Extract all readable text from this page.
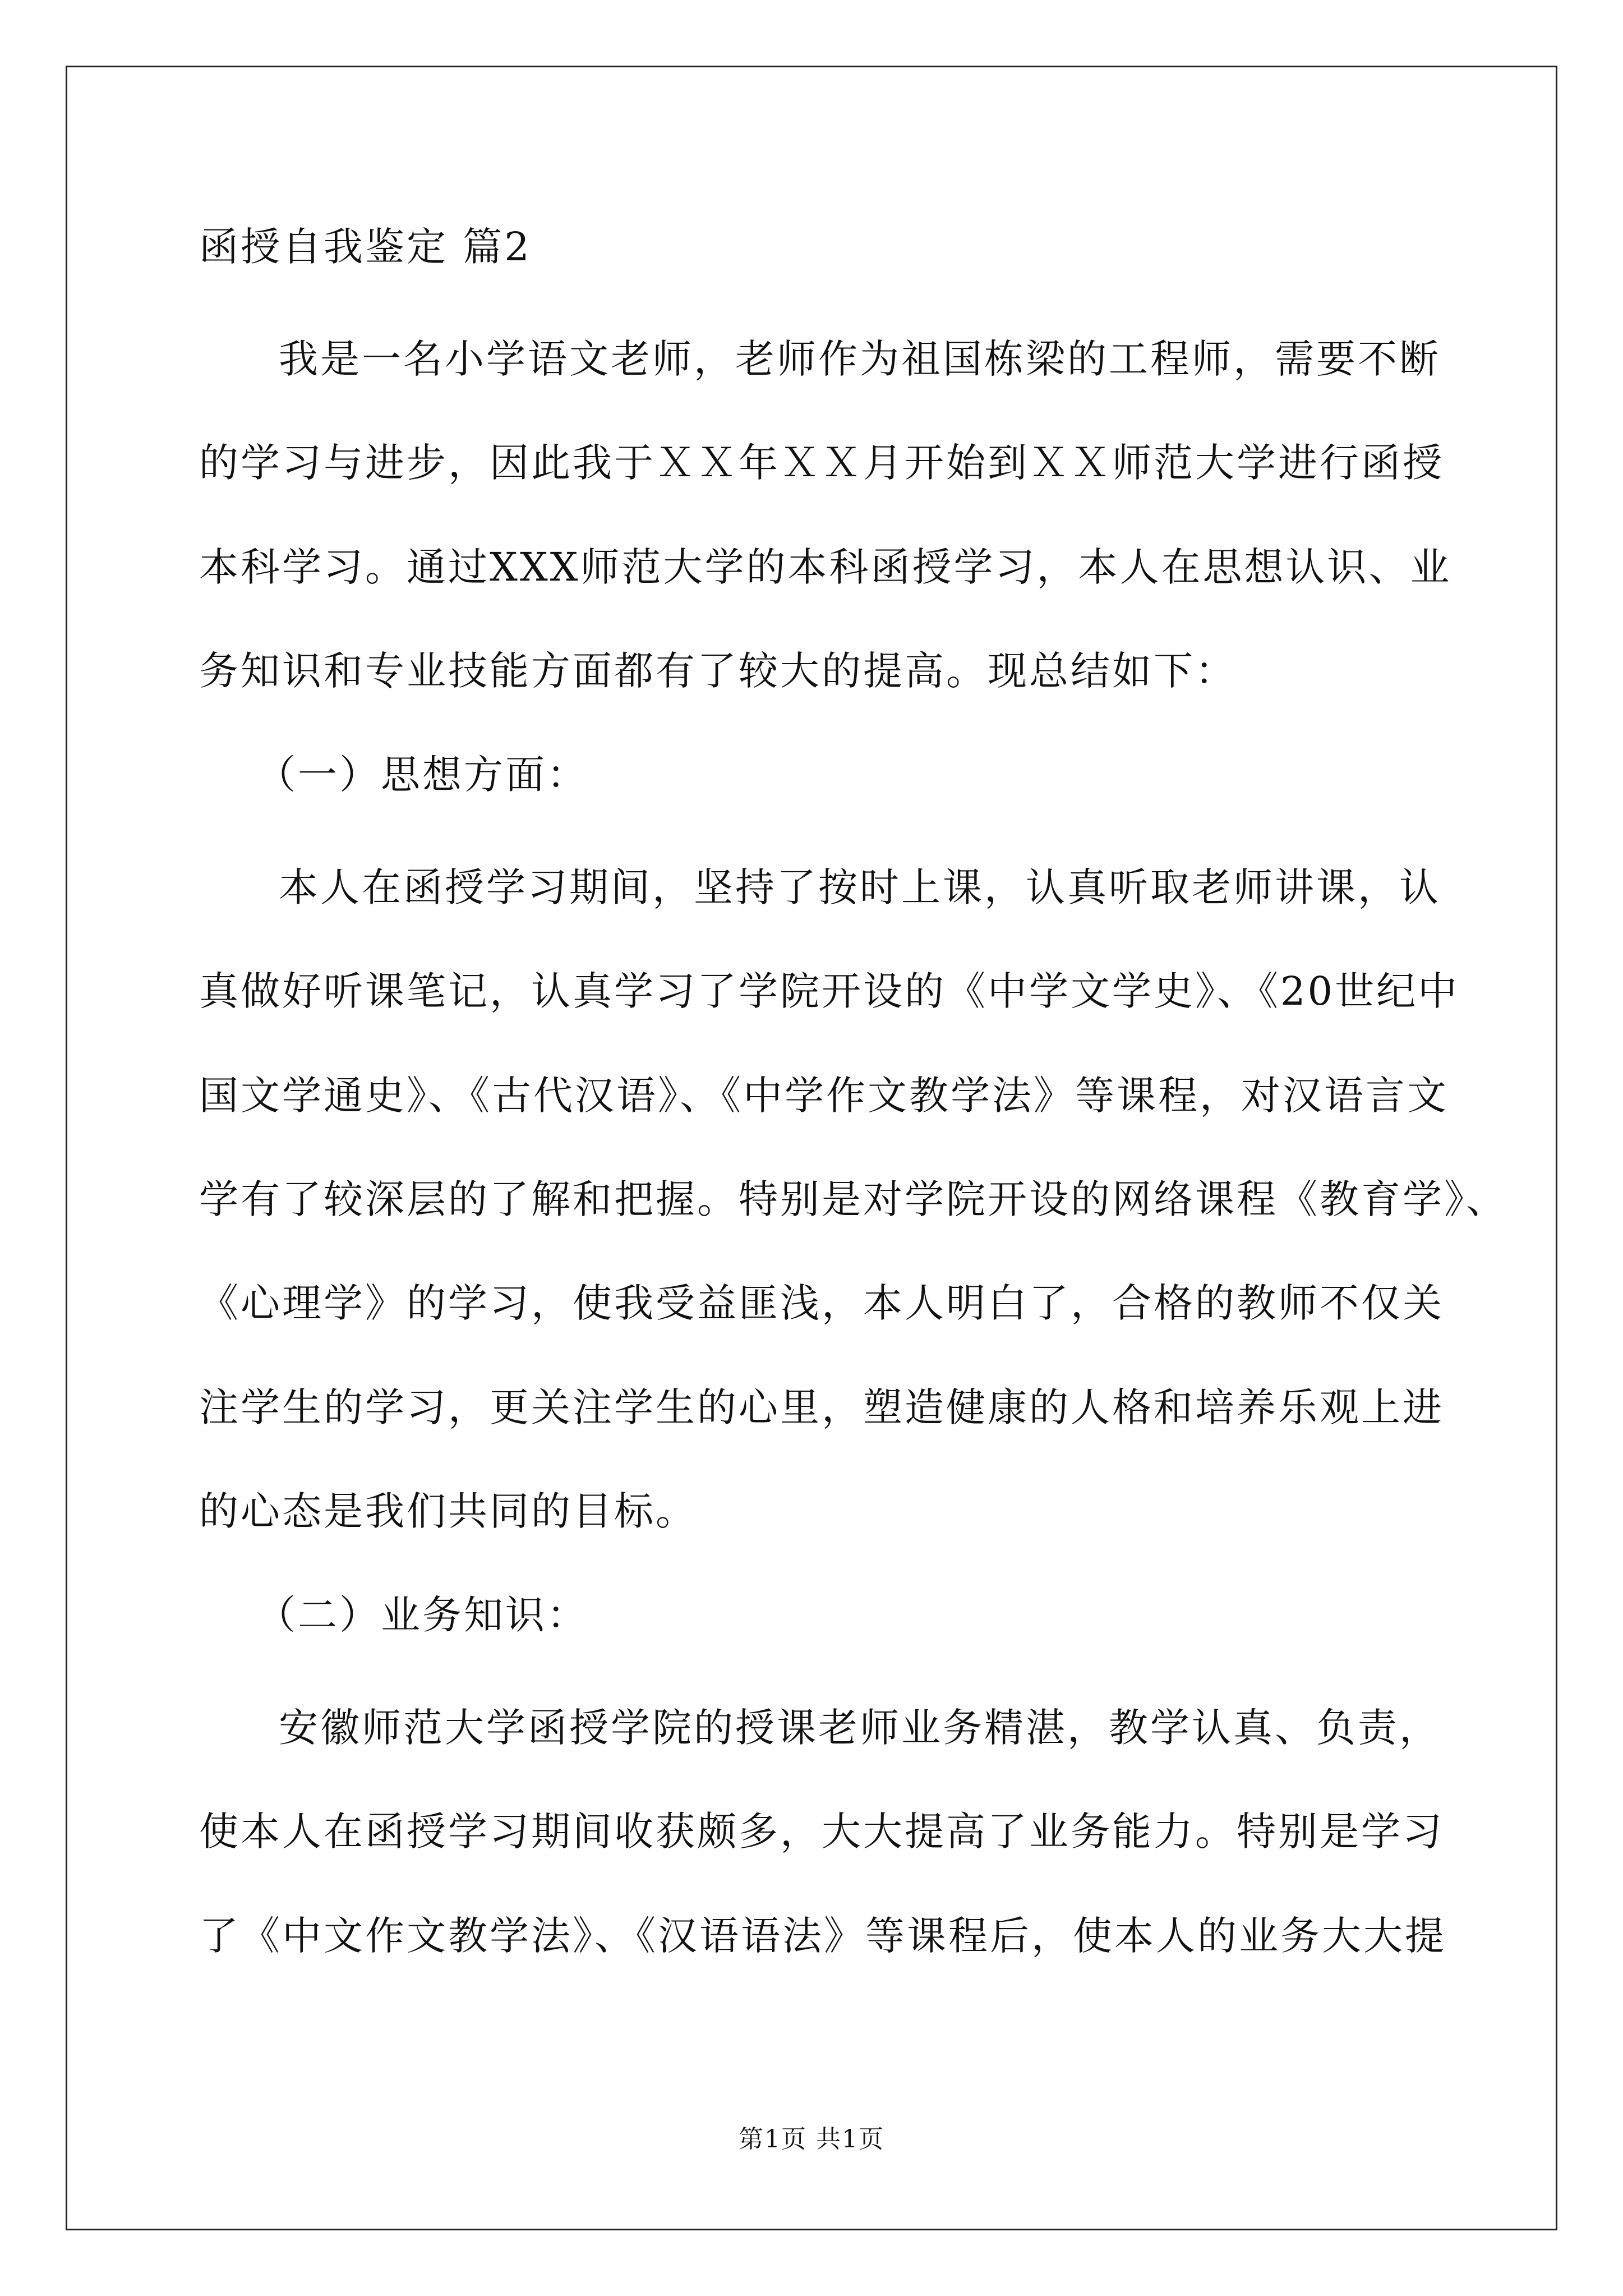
函授自我鉴定 篇2
我是一名小学语文老师，老师作为祖国栋梁的工程师，需要不断
的学习与进步，因此我于ＸＸ年ＸＸ月开始到ＸＸ师范大学进行函授
本科学习。通过XXX师范大学的本科函授学习，本人在思想认识、业
务知识和专业技能方面都有了较大的提高。现总结如下：
（一）思想方面：
本人在函授学习期间，坚持了按时上课，认真听取老师讲课，认
真做好听课笔记，认真学习了学院开设的《中学文学史》、《20世纪中
国文学通史》、《古代汉语》、《中学作文教学法》等课程，对汉语言文
学有了较深层的了解和把握。特别是对学院开设的网络课程《教育学》、
《心理学》的学习，使我受益匪浅，本人明白了，合格的教师不仅关
注学生的学习，更关注学生的心里，塑造健康的人格和培养乐观上进
的心态是我们共同的目标。
（二）业务知识：
安徽师范大学函授学院的授课老师业务精湛，教学认真、负责，
使本人在函授学习期间收获颇多，大大提高了业务能力。特别是学习
了《中文作文教学法》、《汉语语法》等课程后，使本人的业务大大提
第1页 共1页
